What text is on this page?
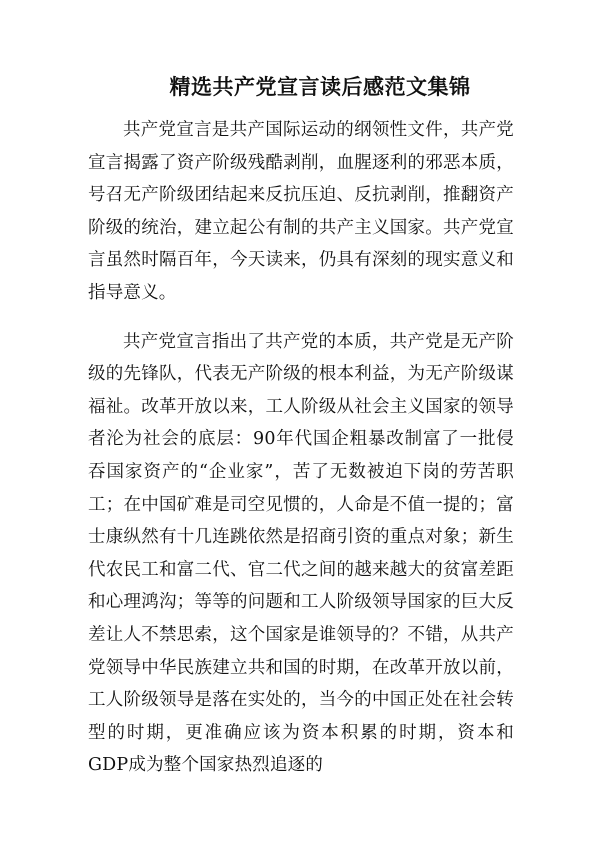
精选共产党宣言读后感范文集锦

共产党宣言是共产国际运动的纲领性文件，共产党宣言揭露了资产阶级残酷剥削，血腥逐利的邪恶本质，号召无产阶级团结起来反抗压迫、反抗剥削，推翻资产阶级的统治，建立起公有制的共产主义国家。共产党宣言虽然时隔百年，今天读来，仍具有深刻的现实意义和指导意义。

共产党宣言指出了共产党的本质，共产党是无产阶级的先锋队，代表无产阶级的根本利益，为无产阶级谋福祉。改革开放以来，工人阶级从社会主义国家的领导者沦为社会的底层：90年代国企粗暴改制富了一批侵吞国家资产的“企业家”，苦了无数被迫下岗的劳苦职工；在中国矿难是司空见惯的，人命是不值一提的；富士康纵然有十几连跳依然是招商引资的重点对象；新生代农民工和富二代、官二代之间的越来越大的贫富差距和心理鸿沟；等等的问题和工人阶级领导国家的巨大反差让人不禁思索，这个国家是谁领导的？不错，从共产党领导中华民族建立共和国的时期，在改革开放以前，工人阶级领导是落在实处的，当今的中国正处在社会转型的时期，更准确应该为资本积累的时期，资本和GDP成为整个国家热烈追逐的
